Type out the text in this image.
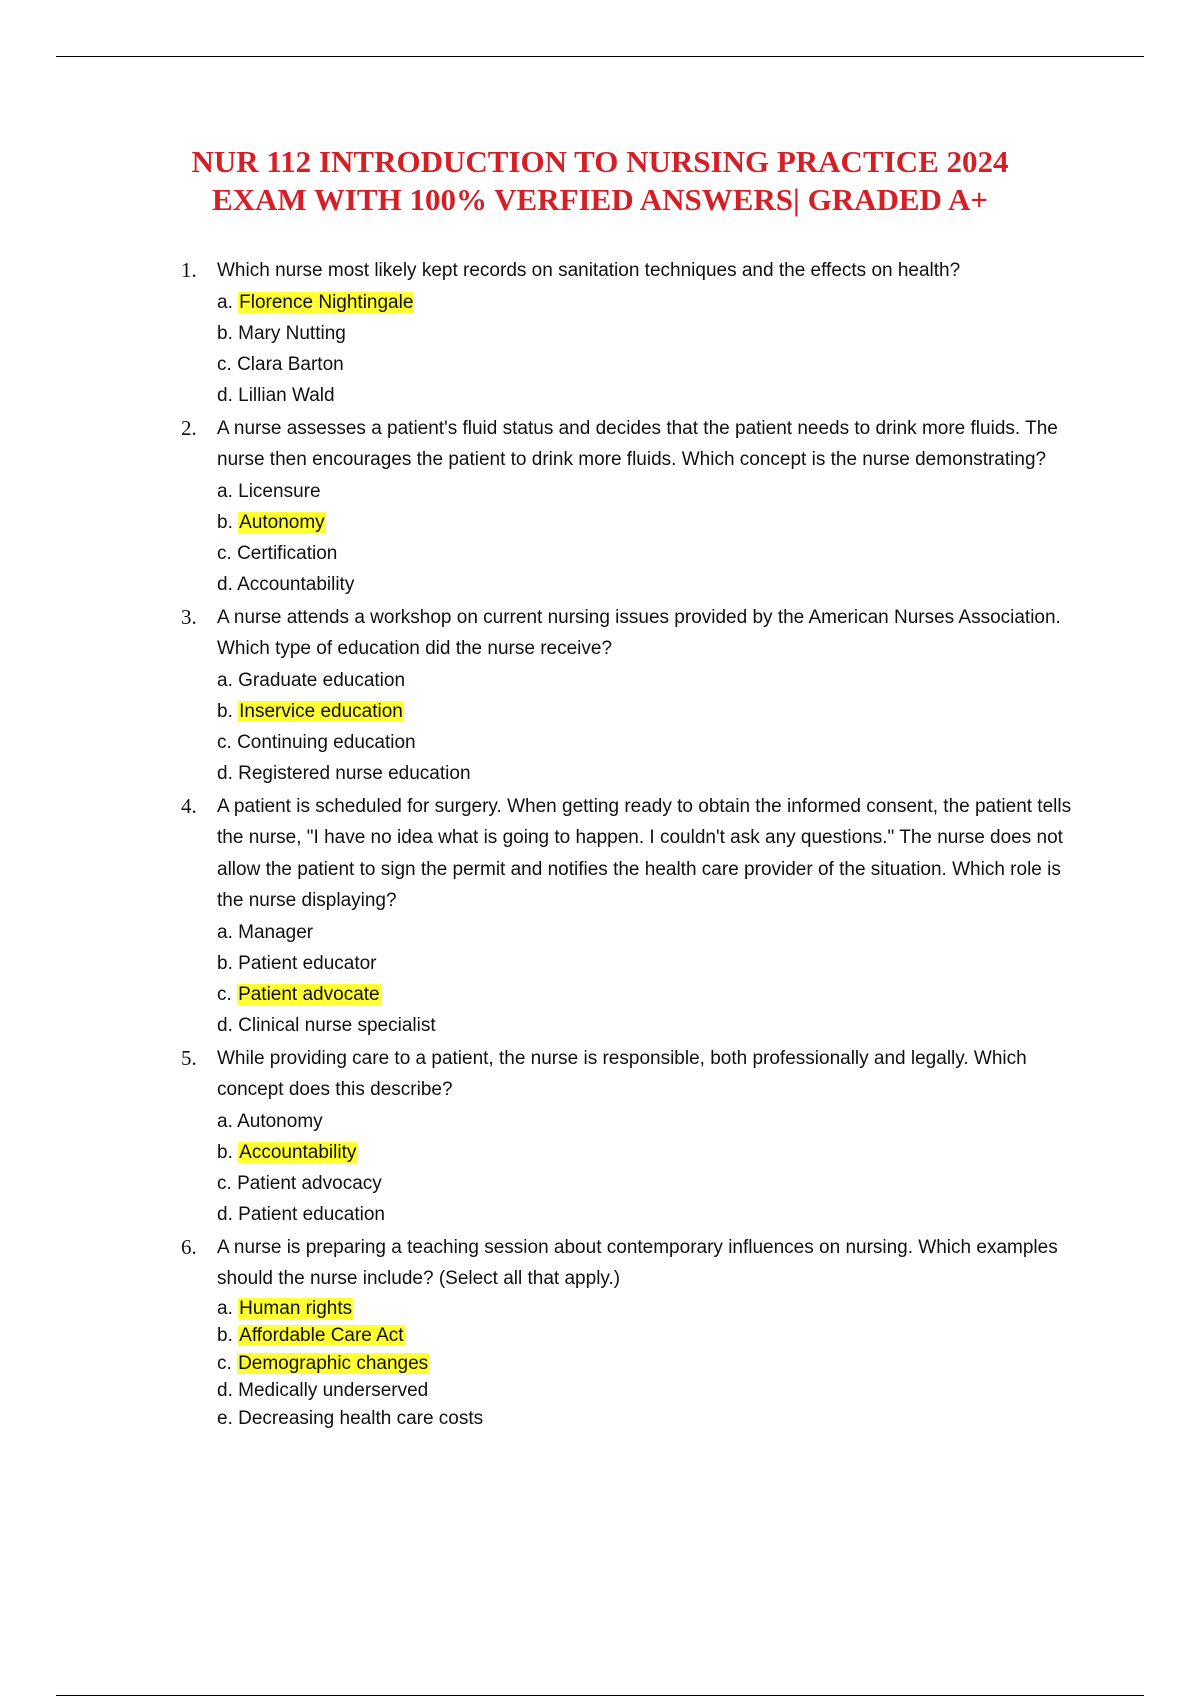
NUR 112 INTRODUCTION TO NURSING PRACTICE 2024
EXAM WITH 100% VERFIED ANSWERS| GRADED A+
1. Which nurse most likely kept records on sanitation techniques and the effects on health?
a. Florence Nightingale
b. Mary Nutting
c. Clara Barton
d. Lillian Wald
2. A nurse assesses a patient's fluid status and decides that the patient needs to drink more fluids. The nurse then encourages the patient to drink more fluids. Which concept is the nurse demonstrating?
a. Licensure
b. Autonomy
c. Certification
d. Accountability
3. A nurse attends a workshop on current nursing issues provided by the American Nurses Association. Which type of education did the nurse receive?
a. Graduate education
b. Inservice education
c. Continuing education
d. Registered nurse education
4. A patient is scheduled for surgery. When getting ready to obtain the informed consent, the patient tells the nurse, "I have no idea what is going to happen. I couldn't ask any questions." The nurse does not allow the patient to sign the permit and notifies the health care provider of the situation. Which role is the nurse displaying?
a. Manager
b. Patient educator
c. Patient advocate
d. Clinical nurse specialist
5. While providing care to a patient, the nurse is responsible, both professionally and legally. Which concept does this describe?
a. Autonomy
b. Accountability
c. Patient advocacy
d. Patient education
6. A nurse is preparing a teaching session about contemporary influences on nursing. Which examples should the nurse include? (Select all that apply.)
a. Human rights
b. Affordable Care Act
c. Demographic changes
d. Medically underserved
e. Decreasing health care costs
